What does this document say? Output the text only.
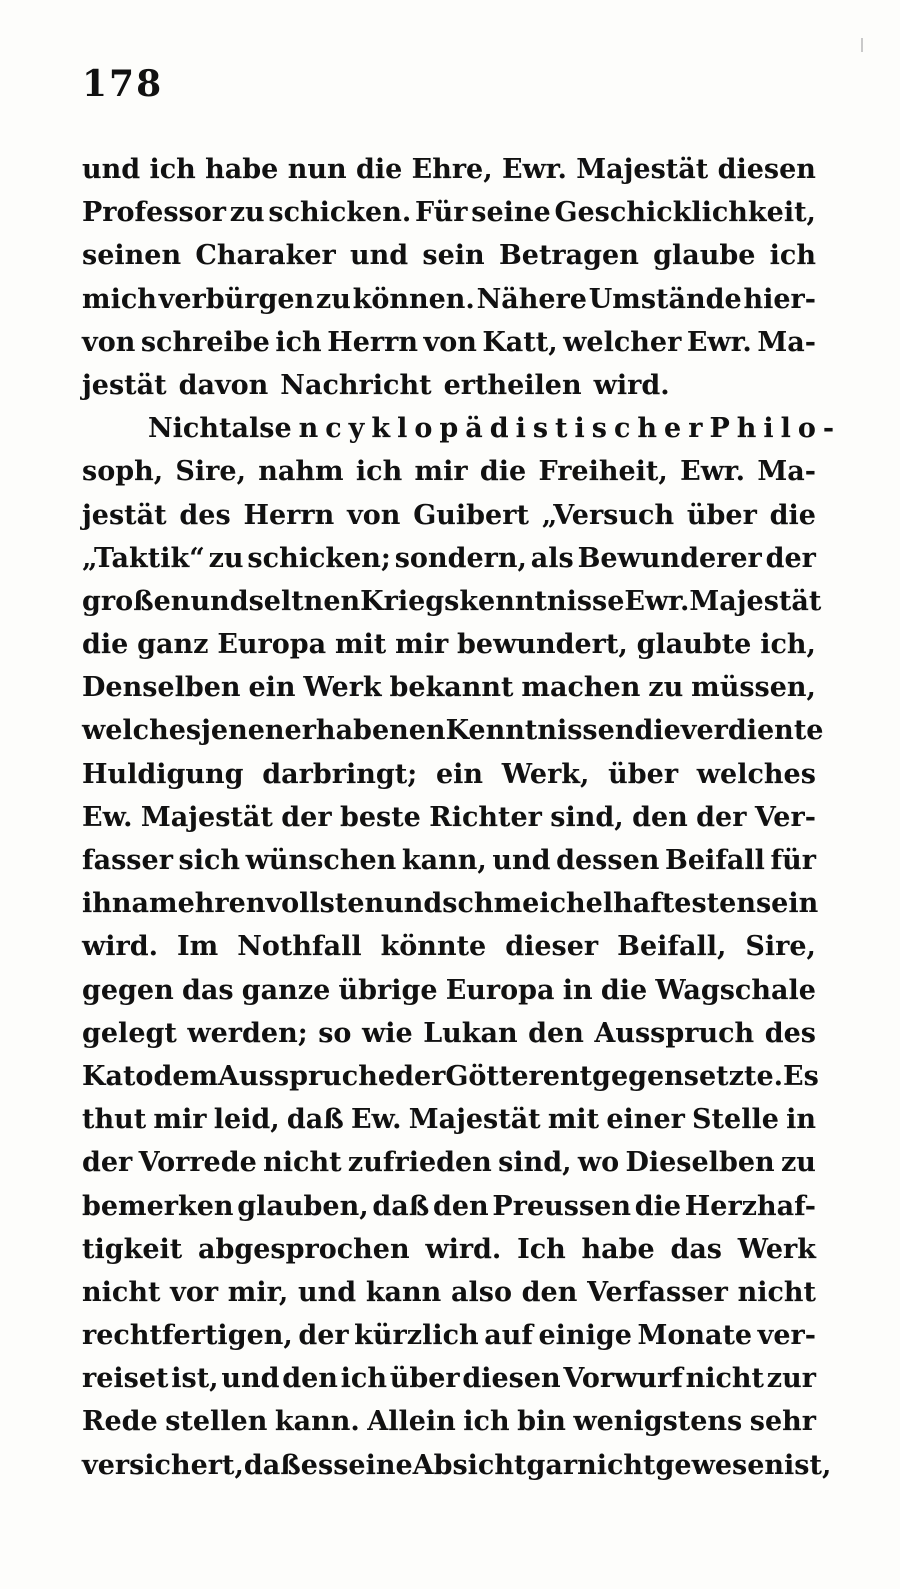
178
und ich habe nun die Ehre, Ewr. Majestät diesen
Professor zu schicken. Für seine Geschicklichkeit,
seinen Charaker und sein Betragen glaube ich
mich verbürgen zu können. Nähere Umstände hier-
von schreibe ich Herrn von Katt, welcher Ewr. Ma-
jestät davon Nachricht ertheilen wird.
Nicht als encyklopädistischer Philo-
soph, Sire, nahm ich mir die Freiheit, Ewr. Ma-
jestät des Herrn von Guibert „Versuch über die
„Taktik“ zu schicken; sondern, als Bewunderer der
großen und seltnen Kriegskenntnisse Ewr. Majestät
die ganz Europa mit mir bewundert, glaubte ich,
Denselben ein Werk bekannt machen zu müssen,
welches jenen erhabenen Kenntnissen die verdiente
Huldigung darbringt; ein Werk, über welches
Ew. Majestät der beste Richter sind, den der Ver-
fasser sich wünschen kann, und dessen Beifall für
ihn am ehrenvollsten und schmeichelhaftesten sein
wird. Im Nothfall könnte dieser Beifall, Sire,
gegen das ganze übrige Europa in die Wagschale
gelegt werden; so wie Lukan den Ausspruch des
Kato dem Ausspruche der Götter entgegensetzte. Es
thut mir leid, daß Ew. Majestät mit einer Stelle in
der Vorrede nicht zufrieden sind, wo Dieselben zu
bemerken glauben, daß den Preussen die Herzhaf-
tigkeit abgesprochen wird. Ich habe das Werk
nicht vor mir, und kann also den Verfasser nicht
rechtfertigen, der kürzlich auf einige Monate ver-
reiset ist, und den ich über diesen Vorwurf nicht zur
Rede stellen kann. Allein ich bin wenigstens sehr
versichert, daß es seine Absicht gar nicht gewesen ist,
